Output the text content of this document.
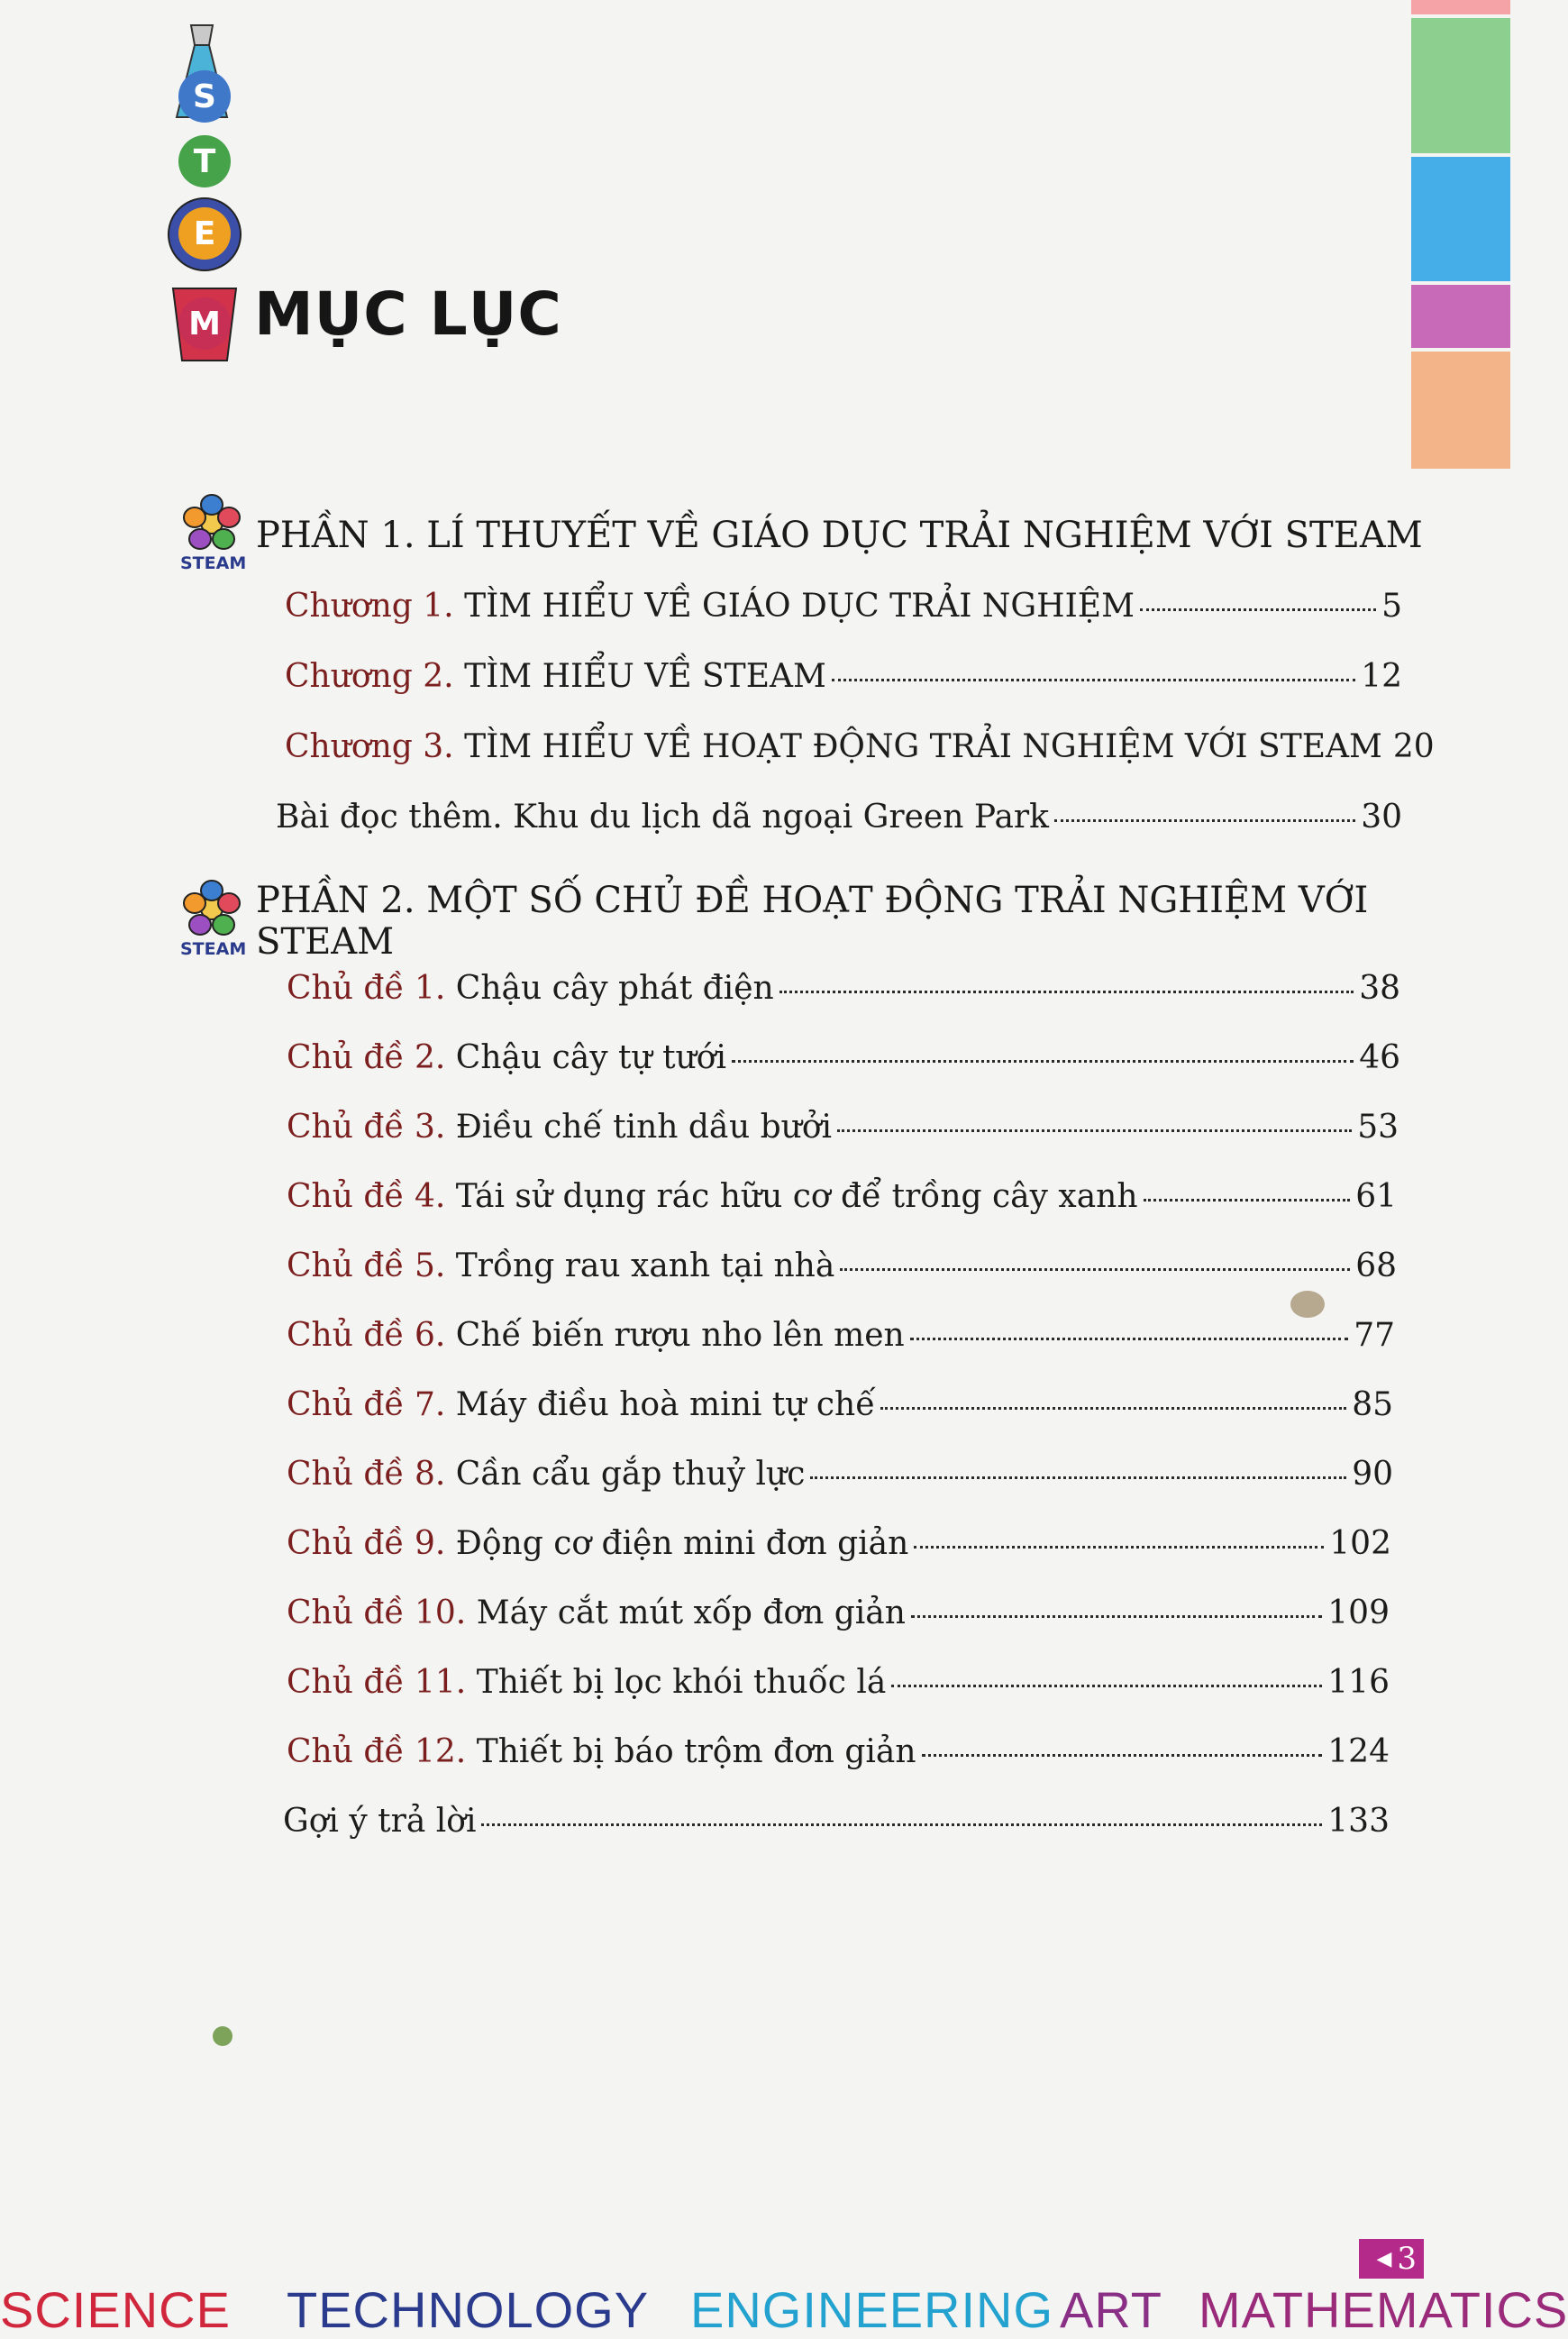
S
T
E
M MỤC LỤC
STEAM
PHẦN 1. LÍ THUYẾT VỀ GIÁO DỤC TRẢI NGHIỆM VỚI STEAM
Chương 1. TÌM HIỂU VỀ GIÁO DỤC TRẢI NGHIỆM	5
Chương 2. TÌM HIỂU VỀ STEAM	12
Chương 3. TÌM HIỂU VỀ HOẠT ĐỘNG TRẢI NGHIỆM VỚI STEAM 20
Bài đọc thêm. Khu du lịch dã ngoại Green Park	30
STEAM
PHẦN 2. MỘT SỐ CHỦ ĐỀ HOẠT ĐỘNG TRẢI NGHIỆM VỚI STEAM
Chủ đề 1. Chậu cây phát điện	38
Chủ đề 2. Chậu cây tự tưới	46
Chủ đề 3. Điều chế tinh dầu bưởi	53
Chủ đề 4. Tái sử dụng rác hữu cơ để trồng cây xanh	61
Chủ đề 5. Trồng rau xanh tại nhà	68
Chủ đề 6. Chế biến rượu nho lên men	77
Chủ đề 7. Máy điều hoà mini tự chế	85
Chủ đề 8. Cần cẩu gắp thuỷ lực	90
Chủ đề 9. Động cơ điện mini đơn giản	102
Chủ đề 10. Máy cắt mút xốp đơn giản	109
Chủ đề 11. Thiết bị lọc khói thuốc lá	116
Chủ đề 12. Thiết bị báo trộm đơn giản	124
Gợi ý trả lời	133
◀ 3
SCIENCE TECHNOLOGY ENGINEERING ART MATHEMATICS
